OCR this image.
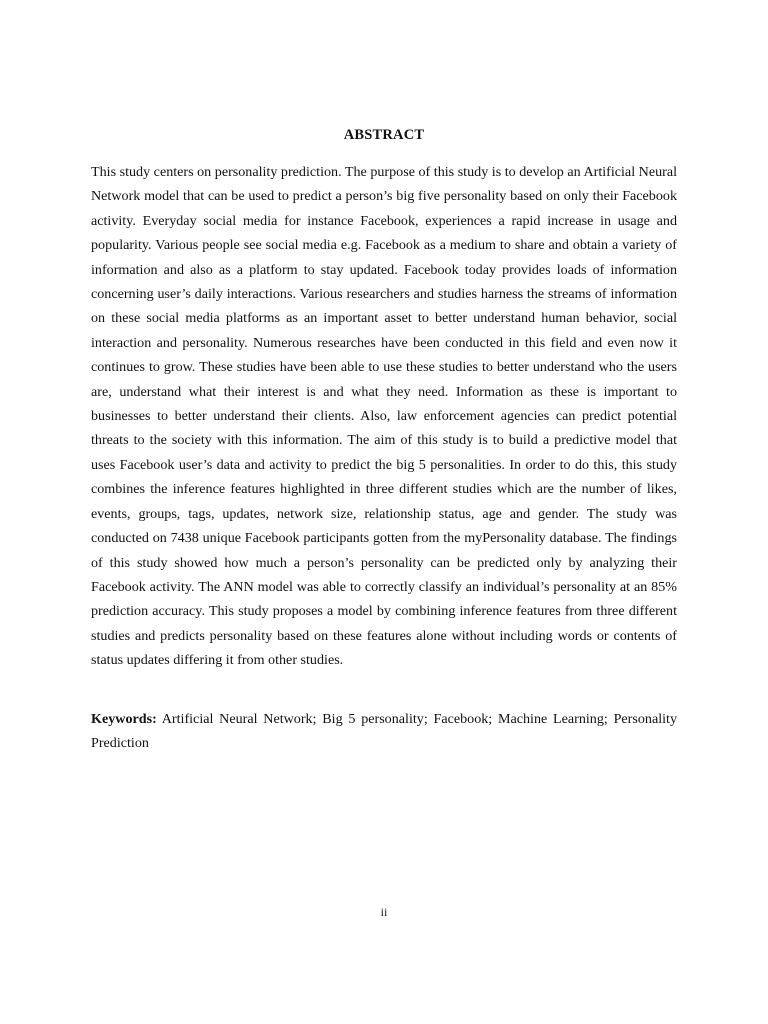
ABSTRACT

This study centers on personality prediction. The purpose of this study is to develop an Artificial Neural Network model that can be used to predict a person’s big five personality based on only their Facebook activity. Everyday social media for instance Facebook, experiences a rapid increase in usage and popularity. Various people see social media e.g. Facebook as a medium to share and obtain a variety of information and also as a platform to stay updated. Facebook today provides loads of information concerning user’s daily interactions. Various researchers and studies harness the streams of information on these social media platforms as an important asset to better understand human behavior, social interaction and personality. Numerous researches have been conducted in this field and even now it continues to grow. These studies have been able to use these studies to better understand who the users are, understand what their interest is and what they need. Information as these is important to businesses to better understand their clients. Also, law enforcement agencies can predict potential threats to the society with this information. The aim of this study is to build a predictive model that uses Facebook user’s data and activity to predict the big 5 personalities. In order to do this, this study combines the inference features highlighted in three different studies which are the number of likes, events, groups, tags, updates, network size, relationship status, age and gender. The study was conducted on 7438 unique Facebook participants gotten from the myPersonality database. The findings of this study showed how much a person’s personality can be predicted only by analyzing their Facebook activity. The ANN model was able to correctly classify an individual’s personality at an 85% prediction accuracy. This study proposes a model by combining inference features from three different studies and predicts personality based on these features alone without including words or contents of status updates differing it from other studies.

Keywords: Artificial Neural Network; Big 5 personality; Facebook; Machine Learning; Personality Prediction

ii
